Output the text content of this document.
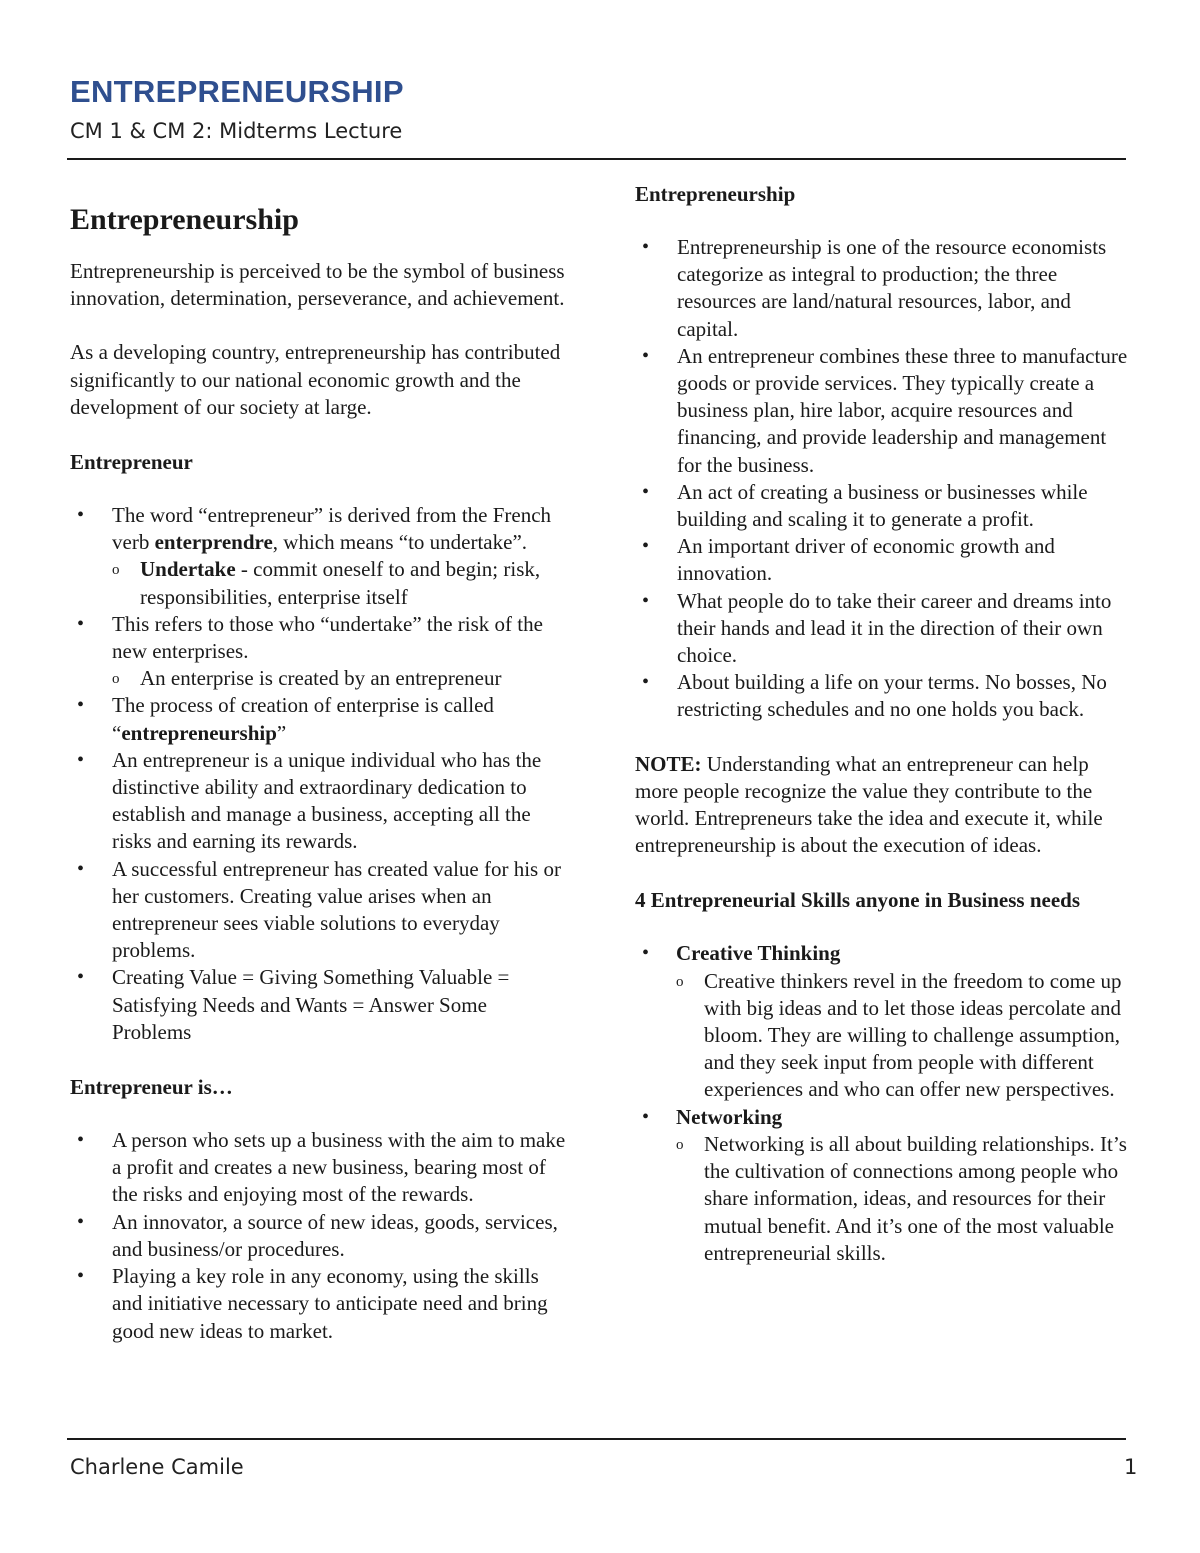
ENTREPRENEURSHIP
CM 1 & CM 2: Midterms Lecture
Entrepreneurship

Entrepreneurship is perceived to be the symbol of business innovation, determination, perseverance, and achievement.

As a developing country, entrepreneurship has contributed significantly to our national economic growth and the development of our society at large.

Entrepreneur
• The word “entrepreneur” is derived from the French verb enterprendre, which means “to undertake”.
o Undertake - commit oneself to and begin; risk, responsibilities, enterprise itself
• This refers to those who “undertake” the risk of the new enterprises.
o An enterprise is created by an entrepreneur
• The process of creation of enterprise is called “entrepreneurship”
• An entrepreneur is a unique individual who has the distinctive ability and extraordinary dedication to establish and manage a business, accepting all the risks and earning its rewards.
• A successful entrepreneur has created value for his or her customers. Creating value arises when an entrepreneur sees viable solutions to everyday problems.
• Creating Value = Giving Something Valuable = Satisfying Needs and Wants = Answer Some Problems
Entrepreneur is…
• A person who sets up a business with the aim to make a profit and creates a new business, bearing most of the risks and enjoying most of the rewards.
• An innovator, a source of new ideas, goods, services, and business/or procedures.
• Playing a key role in any economy, using the skills and initiative necessary to anticipate need and bring good new ideas to market.
Entrepreneurship
• Entrepreneurship is one of the resource economists categorize as integral to production; the three resources are land/natural resources, labor, and capital.
• An entrepreneur combines these three to manufacture goods or provide services. They typically create a business plan, hire labor, acquire resources and financing, and provide leadership and management for the business.
• An act of creating a business or businesses while building and scaling it to generate a profit.
• An important driver of economic growth and innovation.
• What people do to take their career and dreams into their hands and lead it in the direction of their own choice.
• About building a life on your terms. No bosses, No restricting schedules and no one holds you back.

NOTE: Understanding what an entrepreneur can help more people recognize the value they contribute to the world. Entrepreneurs take the idea and execute it, while entrepreneurship is about the execution of ideas.

4 Entrepreneurial Skills anyone in Business needs
• Creative Thinking
o Creative thinkers revel in the freedom to come up with big ideas and to let those ideas percolate and bloom. They are willing to challenge assumption, and they seek input from people with different experiences and who can offer new perspectives.
• Networking
o Networking is all about building relationships. It’s the cultivation of connections among people who share information, ideas, and resources for their mutual benefit. And it’s one of the most valuable entrepreneurial skills.
Charlene Camile	1
